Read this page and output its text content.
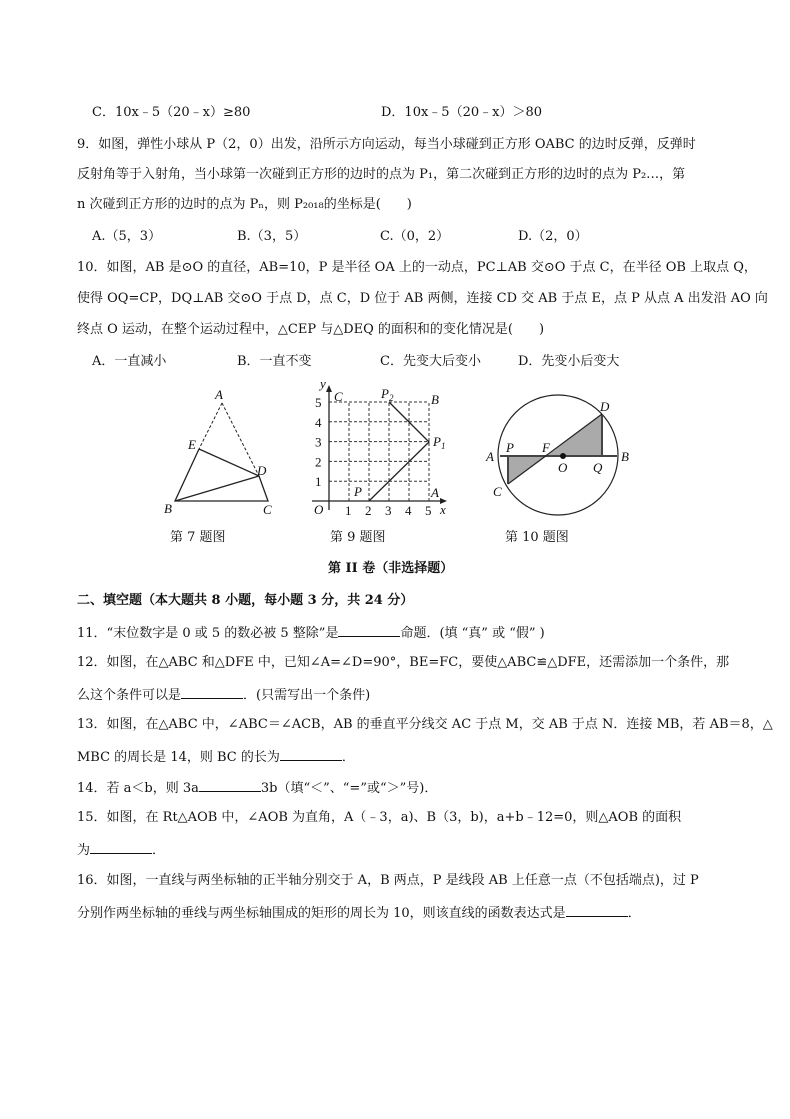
C．10x﹣5（20﹣x）≥80	D．10x﹣5（20﹣x）＞80
9．如图，弹性小球从 P（2，0）出发，沿所示方向运动，每当小球碰到正方形 OABC 的边时反弹，反弹时
反射角等于入射角，当小球第一次碰到正方形的边时的点为 P₁，第二次碰到正方形的边时的点为 P₂…，第
n 次碰到正方形的边时的点为 Pₙ，则 P₂₀₁₈的坐标是(　　)
A.（5，3）	B.（3，5）	C.（0，2）	D.（2，0）
10．如图，AB 是⊙O 的直径，AB=10，P 是半径 OA 上的一动点，PC⊥AB 交⊙O 于点 C，在半径 OB 上取点 Q，
使得 OQ=CP，DQ⊥AB 交⊙O 于点 D，点 C，D 位于 AB 两侧，连接 CD 交 AB 于点 E，点 P 从点 A 出发沿 AO 向
终点 O 运动，在整个运动过程中，△CEP 与△DEQ 的面积和的变化情况是(　　)
A．一直减小	B．一直不变	C．先变大后变小	D．先变小后变大
A
E
D
B	C	1
1
2
2
3
3
4
4
5
5
y
x
O
C	B
A
P
$P_1$
$P_2$
A	B
C
D
P F
O Q
第 7 题图	第 9 题图	第 10 题图
第 II 卷（非选择题）
二、填空题（本大题共 8 小题，每小题 3 分，共 24 分）
11．“末位数字是 0 或 5 的数必被 5 整除”是	命题．(填 “真” 或 “假” )
12．如图，在△ABC 和△DFE 中，已知∠A=∠D=90°，BE=FC，要使△ABC≌△DFE，还需添加一个条件，那
么这个条件可以是	．(只需写出一个条件)
13．如图，在△ABC 中，∠ABC＝∠ACB，AB 的垂直平分线交 AC 于点 M，交 AB 于点 N．连接 MB，若 AB＝8，△
MBC 的周长是 14，则 BC 的长为	．
14．若 a＜b，则 3a	3b（填“＜”、“=”或“＞”号)．
15．如图，在 Rt△AOB 中，∠AOB 为直角，A（﹣3，a)、B（3，b)，a+b﹣12=0，则△AOB 的面积
为	．
16．如图，一直线与两坐标轴的正半轴分别交于 A，B 两点，P 是线段 AB 上任意一点（不包括端点)，过 P
分别作两坐标轴的垂线与两坐标轴围成的矩形的周长为 10，则该直线的函数表达式是	．
